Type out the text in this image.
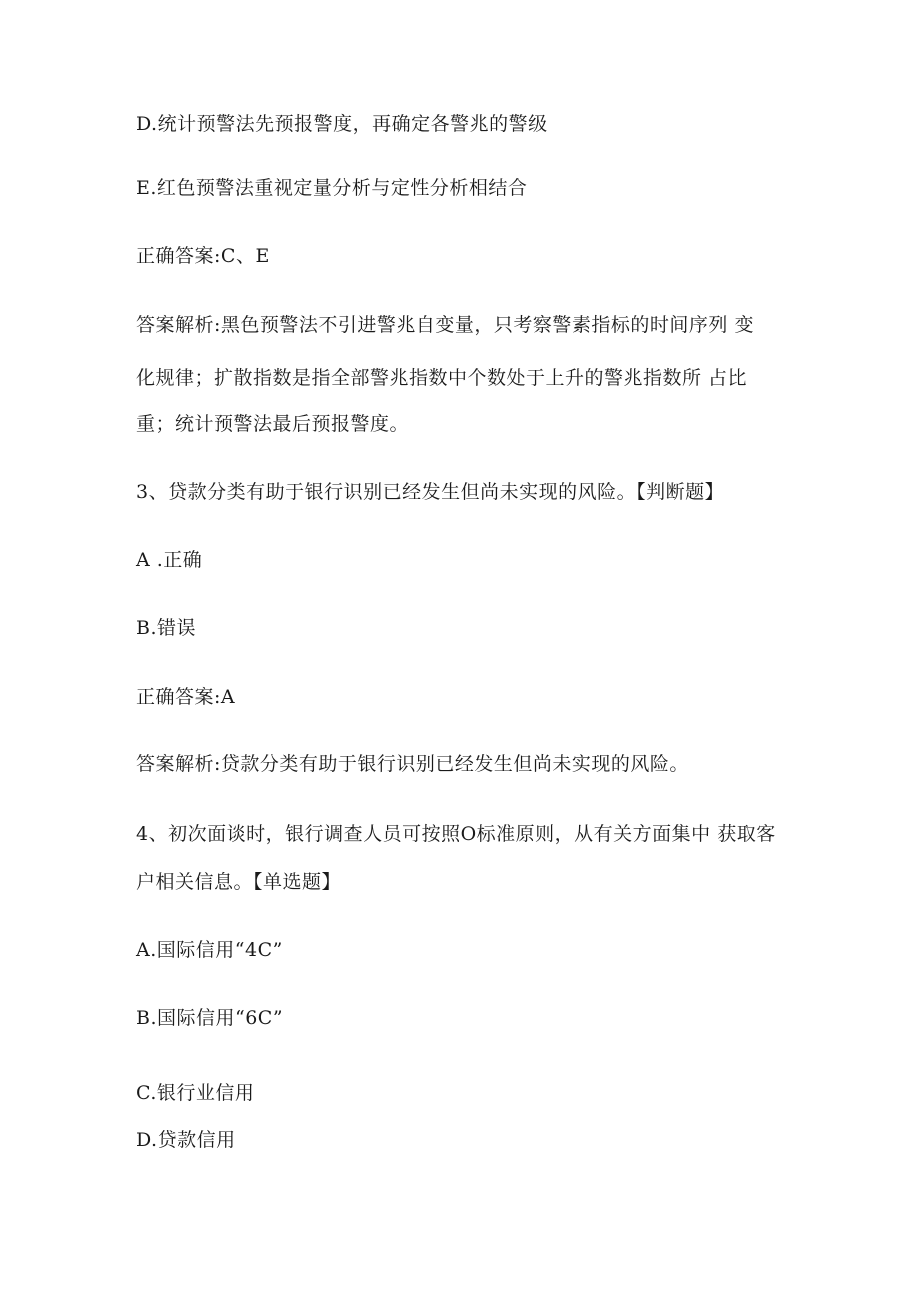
D.统计预警法先预报警度，再确定各警兆的警级
E.红色预警法重视定量分析与定性分析相结合
正确答案:C、E
答案解析:黑色预警法不引进警兆自变量，只考察警素指标的时间序列 变
化规律；扩散指数是指全部警兆指数中个数处于上升的警兆指数所 占比
重；统计预警法最后预报警度。
3、贷款分类有助于银行识别已经发生但尚未实现的风险。【判断题】
A .正确
B.错误
正确答案:A
答案解析:贷款分类有助于银行识别已经发生但尚未实现的风险。
4、初次面谈时，银行调查人员可按照O标准原则，从有关方面集中 获取客
户相关信息。【单选题】
A.国际信用“4C”
B.国际信用“6C”
C.银行业信用
D.贷款信用
